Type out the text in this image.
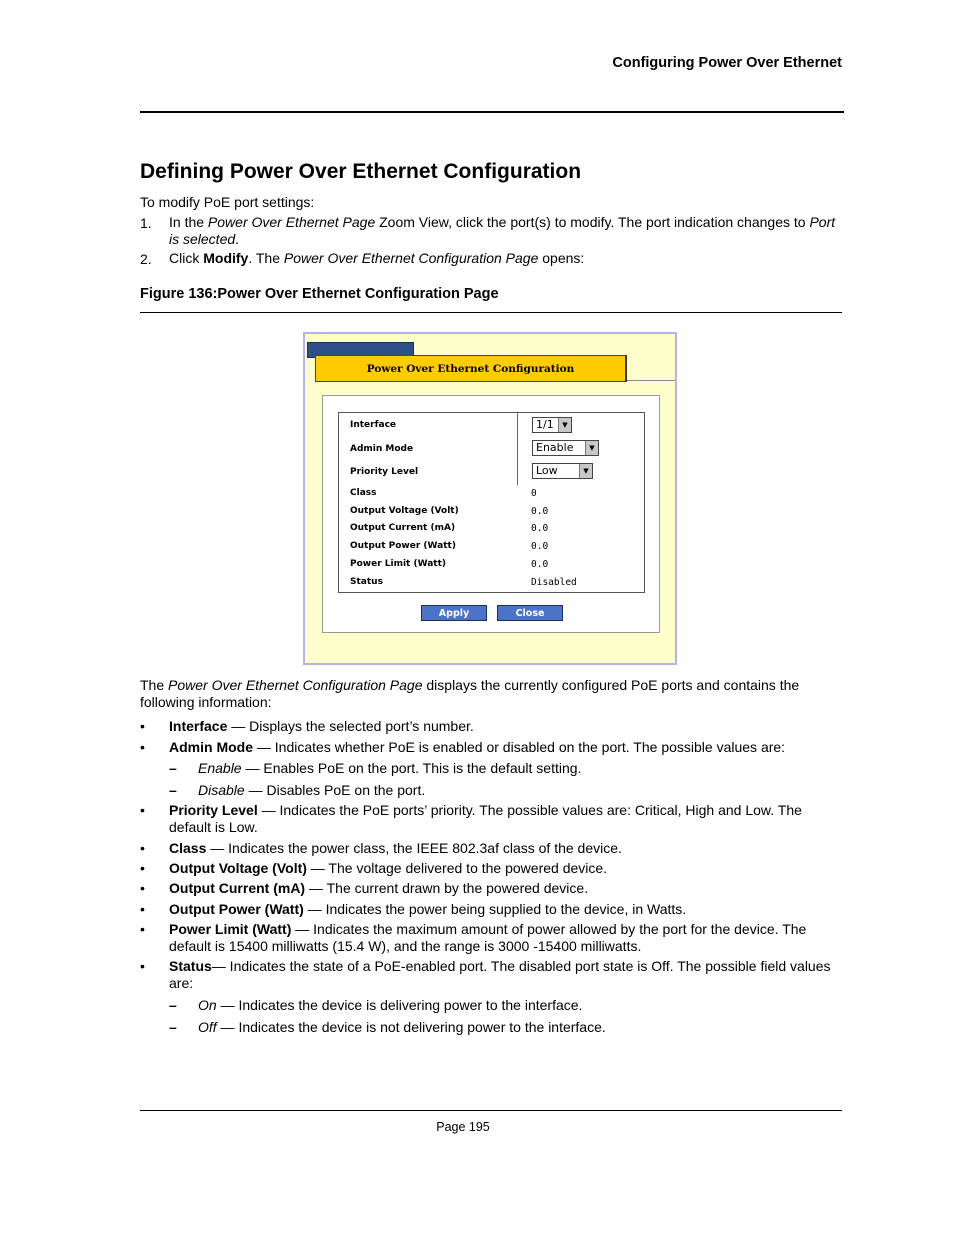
Configuring Power Over Ethernet
Defining Power Over Ethernet Configuration
To modify PoE port settings:
1. In the Power Over Ethernet Page Zoom View, click the port(s) to modify. The port indication changes to Port is selected.
2. Click Modify. The Power Over Ethernet Configuration Page opens:
Figure 136:Power Over Ethernet Configuration Page
Power Over Ethernet Configuration
Interface	1/1	▼
Admin Mode	Enable	▼
Priority Level	Low	▼
Class	0
Output Voltage (Volt)	0.0
Output Current (mA)	0.0
Output Power (Watt)	0.0
Power Limit (Watt)	0.0
Status	Disabled
Apply	Close
The Power Over Ethernet Configuration Page displays the currently configured PoE ports and contains the following information:
• Interface — Displays the selected port’s number.
• Admin Mode — Indicates whether PoE is enabled or disabled on the port. The possible values are:
– Enable — Enables PoE on the port. This is the default setting.
– Disable — Disables PoE on the port.
• Priority Level — Indicates the PoE ports’ priority. The possible values are: Critical, High and Low. The default is Low.
• Class — Indicates the power class, the IEEE 802.3af class of the device.
• Output Voltage (Volt) — The voltage delivered to the powered device.
• Output Current (mA) — The current drawn by the powered device.
• Output Power (Watt) — Indicates the power being supplied to the device, in Watts.
• Power Limit (Watt) — Indicates the maximum amount of power allowed by the port for the device. The default is 15400 milliwatts (15.4 W), and the range is 3000 -15400 milliwatts.
• Status— Indicates the state of a PoE-enabled port. The disabled port state is Off. The possible field values are:
– On — Indicates the device is delivering power to the interface.
– Off — Indicates the device is not delivering power to the interface.
Page 195
